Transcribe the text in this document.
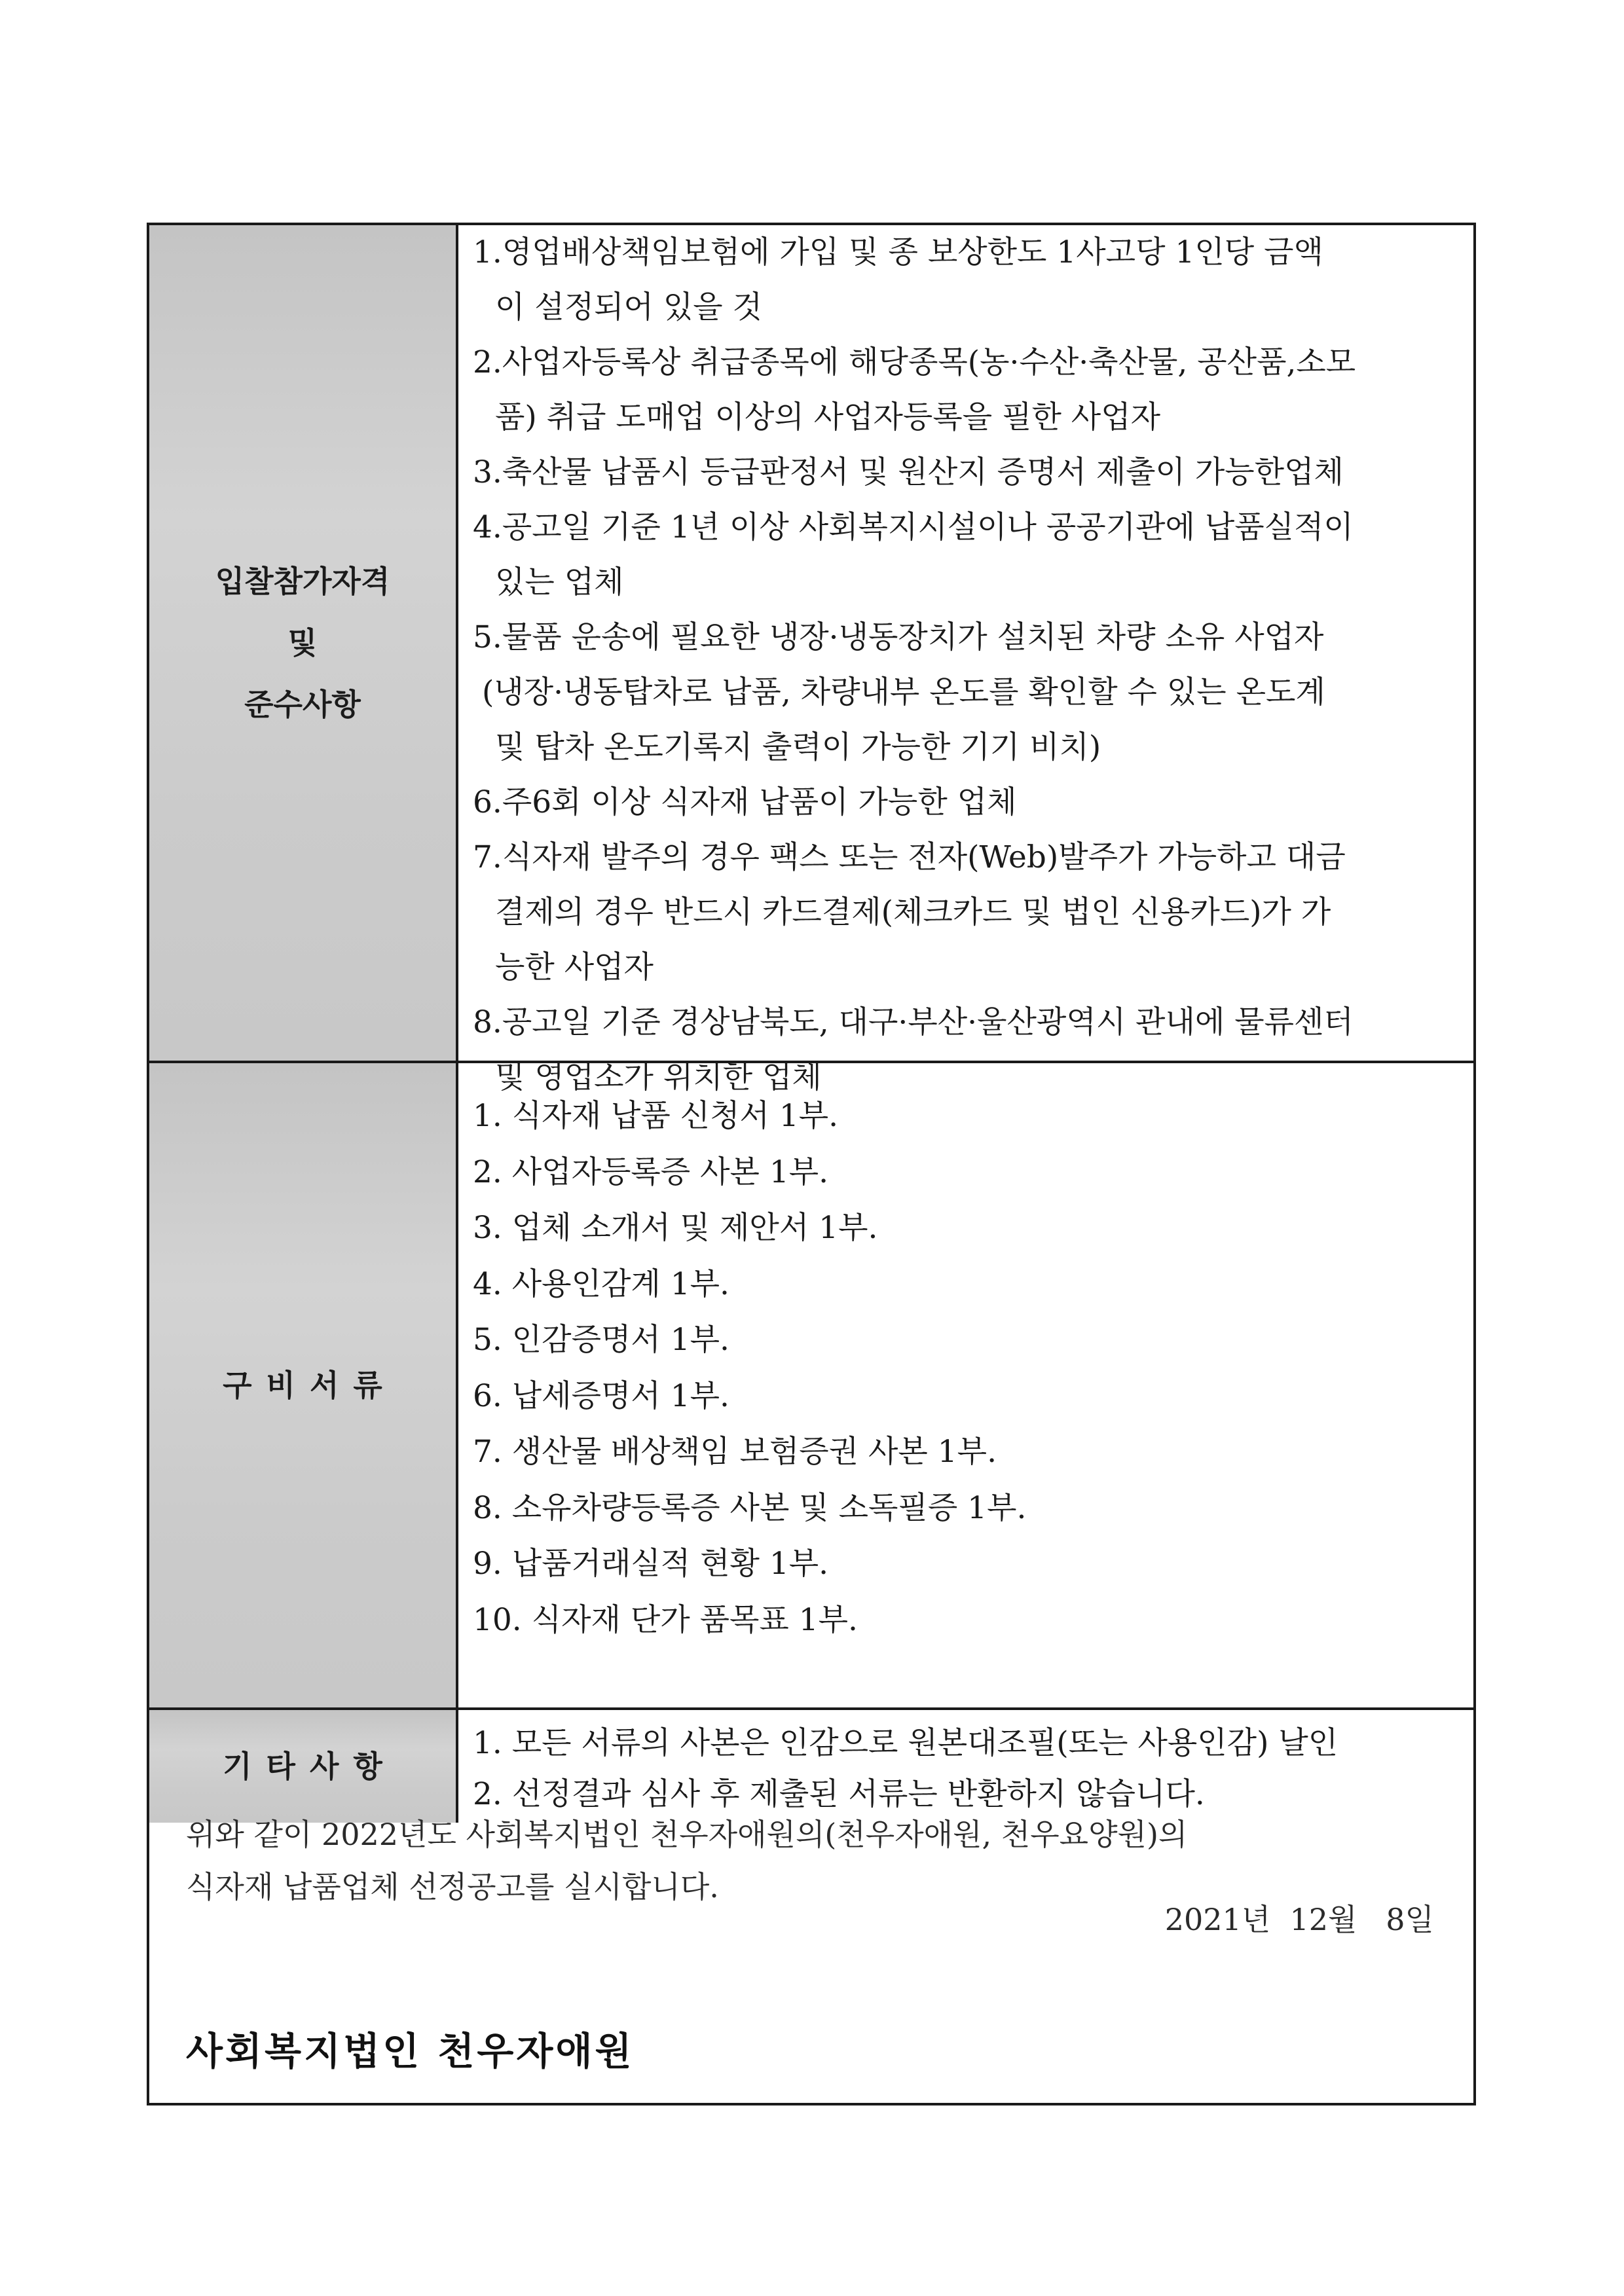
입찰참가자격
및
준수사항
1.영업배상책임보험에 가입 및 종 보상한도 1사고당 1인당 금액
이 설정되어 있을 것
2.사업자등록상 취급종목에 해당종목(농·수산·축산물, 공산품,소모
품) 취급 도매업 이상의 사업자등록을 필한 사업자
3.축산물 납품시 등급판정서 및 원산지 증명서 제출이 가능한업체
4.공고일 기준 1년 이상 사회복지시설이나 공공기관에 납품실적이
있는 업체
5.물품 운송에 필요한 냉장·냉동장치가 설치된 차량 소유 사업자
(냉장·냉동탑차로 납품, 차량내부 온도를 확인할 수 있는 온도계
및 탑차 온도기록지 출력이 가능한 기기 비치)
6.주6회 이상 식자재 납품이 가능한 업체
7.식자재 발주의 경우 팩스 또는 전자(Web)발주가 가능하고 대금
결제의 경우 반드시 카드결제(체크카드 및 법인 신용카드)가 가
능한 사업자
8.공고일 기준 경상남북도, 대구·부산·울산광역시 관내에 물류센터
및 영업소가 위치한 업체
구비서류
1. 식자재 납품 신청서 1부.
2. 사업자등록증 사본 1부.
3. 업체 소개서 및 제안서 1부.
4. 사용인감계 1부.
5. 인감증명서 1부.
6. 납세증명서 1부.
7. 생산물 배상책임 보험증권 사본 1부.
8. 소유차량등록증 사본 및 소독필증 1부.
9. 납품거래실적 현황 1부.
10. 식자재 단가 품목표 1부.
기타사항
1. 모든 서류의 사본은 인감으로 원본대조필(또는 사용인감) 날인
2. 선정결과 심사 후 제출된 서류는 반환하지 않습니다.
위와 같이 2022년도 사회복지법인 천우자애원의(천우자애원, 천우요양원)의
식자재 납품업체 선정공고를 실시합니다.
2021년  12월   8일
사회복지법인 천우자애원
